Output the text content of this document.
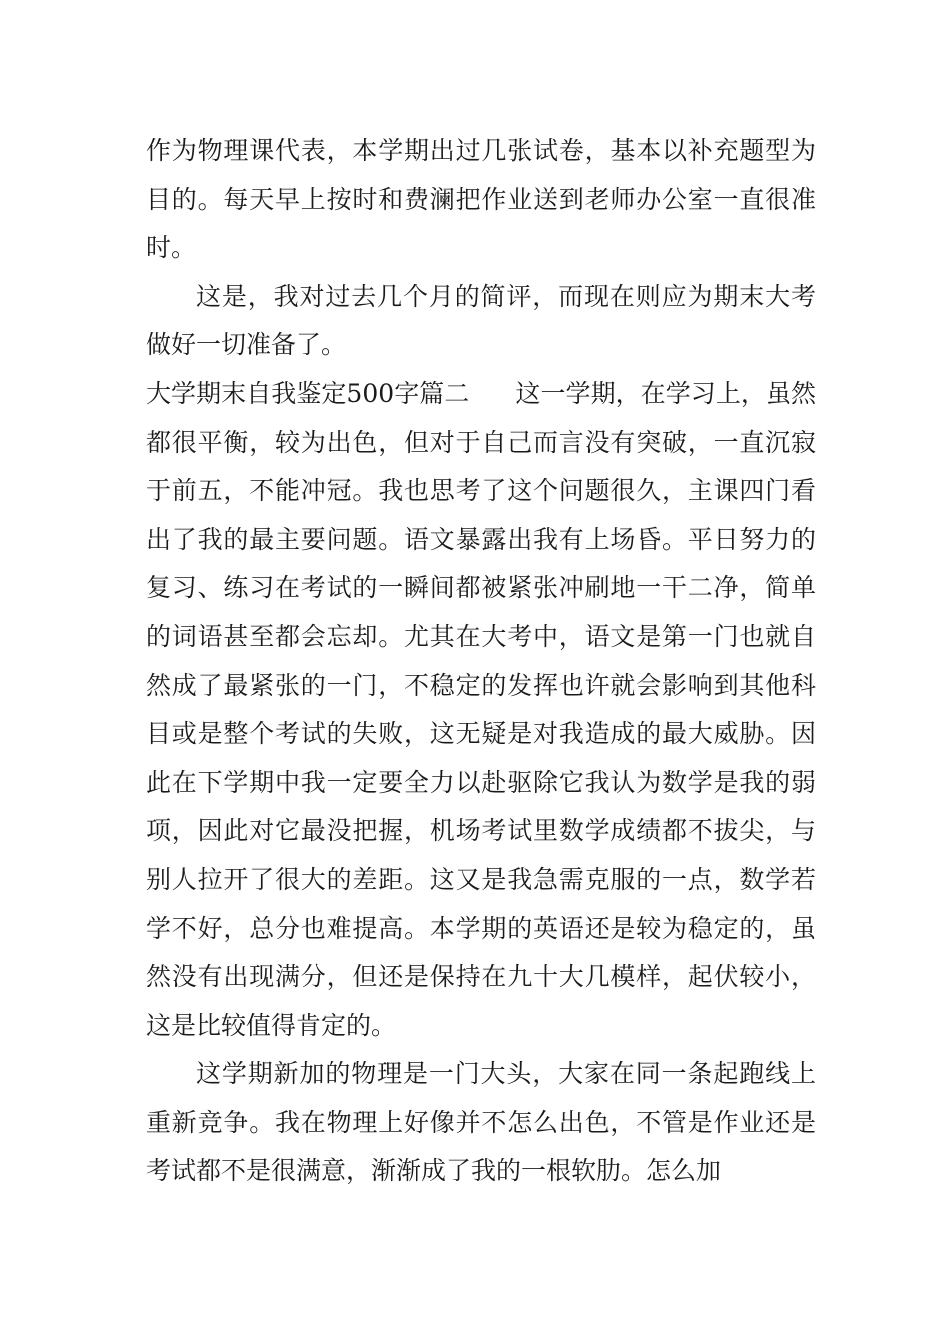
作为物理课代表，本学期出过几张试卷，基本以补充题型为目的。每天早上按时和费澜把作业送到老师办公室一直很准时。

这是，我对过去几个月的简评，而现在则应为期末大考做好一切准备了。

大学期末自我鉴定500字篇二 这一学期，在学习上，虽然都很平衡，较为出色，但对于自己而言没有突破，一直沉寂于前五，不能冲冠。我也思考了这个问题很久，主课四门看出了我的最主要问题。语文暴露出我有上场昏。平日努力的复习、练习在考试的一瞬间都被紧张冲刷地一干二净，简单的词语甚至都会忘却。尤其在大考中，语文是第一门也就自然成了最紧张的一门，不稳定的发挥也许就会影响到其他科目或是整个考试的失败，这无疑是对我造成的最大威胁。因此在下学期中我一定要全力以赴驱除它我认为数学是我的弱项，因此对它最没把握，机场考试里数学成绩都不拔尖，与别人拉开了很大的差距。这又是我急需克服的一点，数学若学不好，总分也难提高。本学期的英语还是较为稳定的，虽然没有出现满分，但还是保持在九十大几模样，起伏较小，这是比较值得肯定的。

这学期新加的物理是一门大头，大家在同一条起跑线上重新竞争。我在物理上好像并不怎么出色，不管是作业还是考试都不是很满意，渐渐成了我的一根软肋。怎么加
